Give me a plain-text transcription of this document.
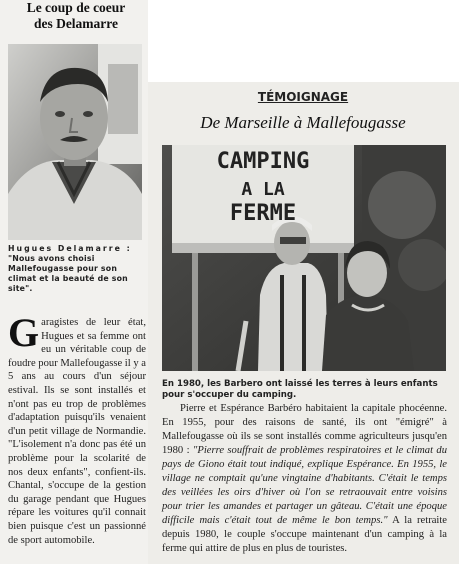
Le coup de coeur
des Delamarre
Hugues Delamarre : "Nous avons choisi Mallefougasse pour son climat et la beauté de son site".
Garagistes de leur état, Hugues et sa femme ont eu un véritable coup de foudre pour Mallefougasse il y a 5 ans au cours d'un séjour estival. Ils se sont installés et n'ont pas eu trop de problèmes d'adaptation puisqu'ils venaient d'un petit village de Normandie. "L'isolement n'a donc pas été un problème pour la scolarité de nos deux enfants", confient-ils. Chantal, s'occupe de la gestion du garage pendant que Hugues répare les voitures qu'il connait bien puisque c'est un passionné de sport automobile.
TÉMOIGNAGE
De Marseille à Mallefougasse
CAMPING
A LA
FERME
En 1980, les Barbero ont laissé les terres à leurs enfants pour s'occuper du camping.

Pierre et Espérance Barbéro habitaient la capitale phocéenne. En 1955, pour des raisons de santé, ils ont "émigré" à Mallefougasse où ils se sont installés comme agriculteurs jusqu'en 1980 : "Pierre souffrait de problèmes respiratoires et le climat du pays de Giono était tout indiqué, explique Espérance. En 1955, le village ne comptait qu'une vingtaine d'habitants. C'était le temps des veillées les oirs d'hiver où l'on se retraouvait entre voisins pour trier les amandes et partager un gâteau. C'était une époque difficile mais c'était tout de même le bon temps." A la retraite depuis 1980, le couple s'occupe maintenant d'un camping à la ferme qui attire de plus en plus de touristes.
